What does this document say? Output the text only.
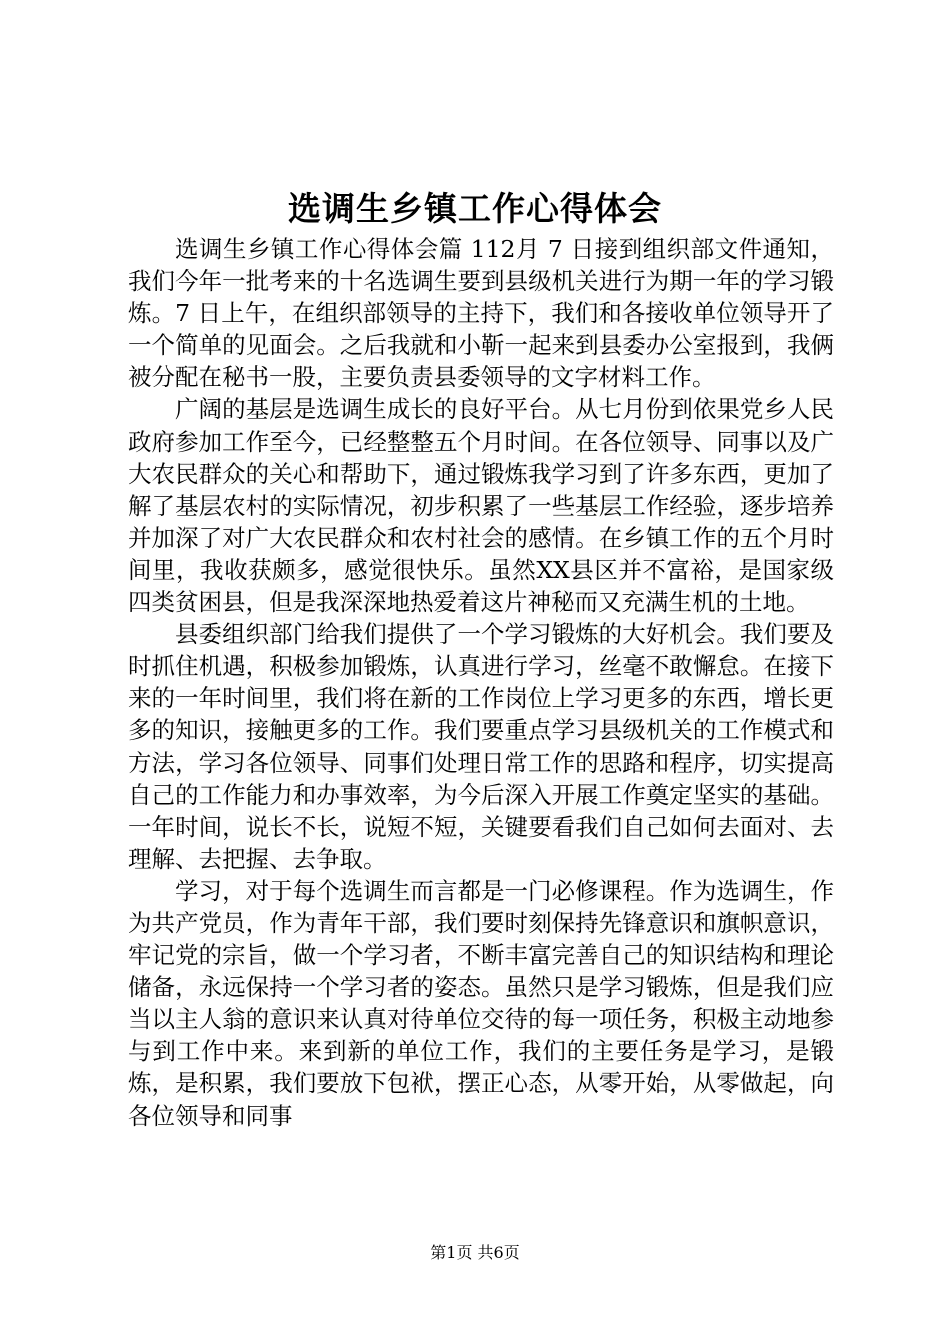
选调生乡镇工作心得体会

选调生乡镇工作心得体会篇 112月 7 日接到组织部文件通知，我们今年一批考来的十名选调生要到县级机关进行为期一年的学习锻炼。7 日上午，在组织部领导的主持下，我们和各接收单位领导开了一个简单的见面会。之后我就和小靳一起来到县委办公室报到，我俩被分配在秘书一股，主要负责县委领导的文字材料工作。

广阔的基层是选调生成长的良好平台。从七月份到依果党乡人民政府参加工作至今，已经整整五个月时间。在各位领导、同事以及广大农民群众的关心和帮助下，通过锻炼我学习到了许多东西，更加了解了基层农村的实际情况，初步积累了一些基层工作经验，逐步培养并加深了对广大农民群众和农村社会的感情。在乡镇工作的五个月时间里，我收获颇多，感觉很快乐。虽然XX县区并不富裕，是国家级四类贫困县，但是我深深地热爱着这片神秘而又充满生机的土地。

县委组织部门给我们提供了一个学习锻炼的大好机会。我们要及时抓住机遇，积极参加锻炼，认真进行学习，丝毫不敢懈怠。在接下来的一年时间里，我们将在新的工作岗位上学习更多的东西，增长更多的知识，接触更多的工作。我们要重点学习县级机关的工作模式和方法，学习各位领导、同事们处理日常工作的思路和程序，切实提高自己的工作能力和办事效率，为今后深入开展工作奠定坚实的基础。一年时间，说长不长，说短不短，关键要看我们自己如何去面对、去理解、去把握、去争取。

学习，对于每个选调生而言都是一门必修课程。作为选调生，作为共产党员，作为青年干部，我们要时刻保持先锋意识和旗帜意识，牢记党的宗旨，做一个学习者，不断丰富完善自己的知识结构和理论储备，永远保持一个学习者的姿态。虽然只是学习锻炼，但是我们应当以主人翁的意识来认真对待单位交待的每一项任务，积极主动地参与到工作中来。来到新的单位工作，我们的主要任务是学习，是锻炼，是积累，我们要放下包袱，摆正心态，从零开始，从零做起，向各位领导和同事

第1页 共6页
